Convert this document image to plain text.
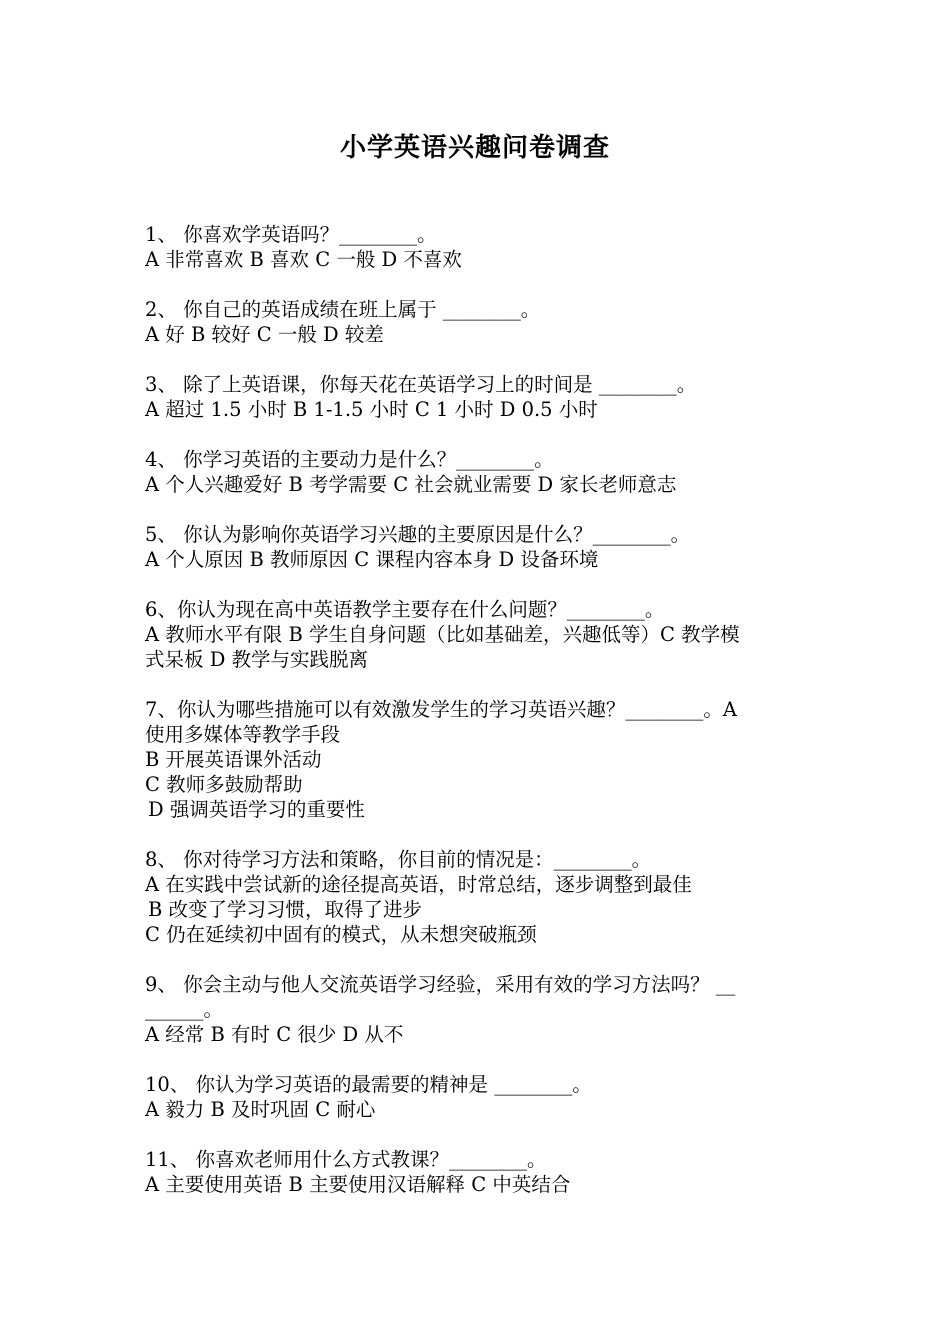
小学英语兴趣问卷调查
1、 你喜欢学英语吗？________。
A 非常喜欢 B 喜欢 C 一般 D 不喜欢
2、 你自己的英语成绩在班上属于 ________。
A 好 B 较好 C 一般 D 较差
3、 除了上英语课，你每天花在英语学习上的时间是 ________。
A 超过 1.5 小时 B 1-1.5 小时 C 1 小时 D 0.5 小时
4、 你学习英语的主要动力是什么？________。
A 个人兴趣爱好 B 考学需要 C 社会就业需要 D 家长老师意志
5、 你认为影响你英语学习兴趣的主要原因是什么？________。
A 个人原因 B 教师原因 C 课程内容本身 D 设备环境
6、你认为现在高中英语教学主要存在什么问题？________。
A 教师水平有限 B 学生自身问题（比如基础差，兴趣低等）C 教学模
式呆板 D 教学与实践脱离
7、你认为哪些措施可以有效激发学生的学习英语兴趣？________。A
使用多媒体等教学手段
B 开展英语课外活动
C 教师多鼓励帮助
D 强调英语学习的重要性
8、 你对待学习方法和策略，你目前的情况是：________。
A 在实践中尝试新的途径提高英语，时常总结，逐步调整到最佳
B 改变了学习习惯，取得了进步
C 仍在延续初中固有的模式，从未想突破瓶颈
9、 你会主动与他人交流英语学习经验，采用有效的学习方法吗？ __
______。
A 经常 B 有时 C 很少 D 从不
10、 你认为学习英语的最需要的精神是 ________。
A 毅力 B 及时巩固 C 耐心
11、 你喜欢老师用什么方式教课？________。
A 主要使用英语 B 主要使用汉语解释 C 中英结合
